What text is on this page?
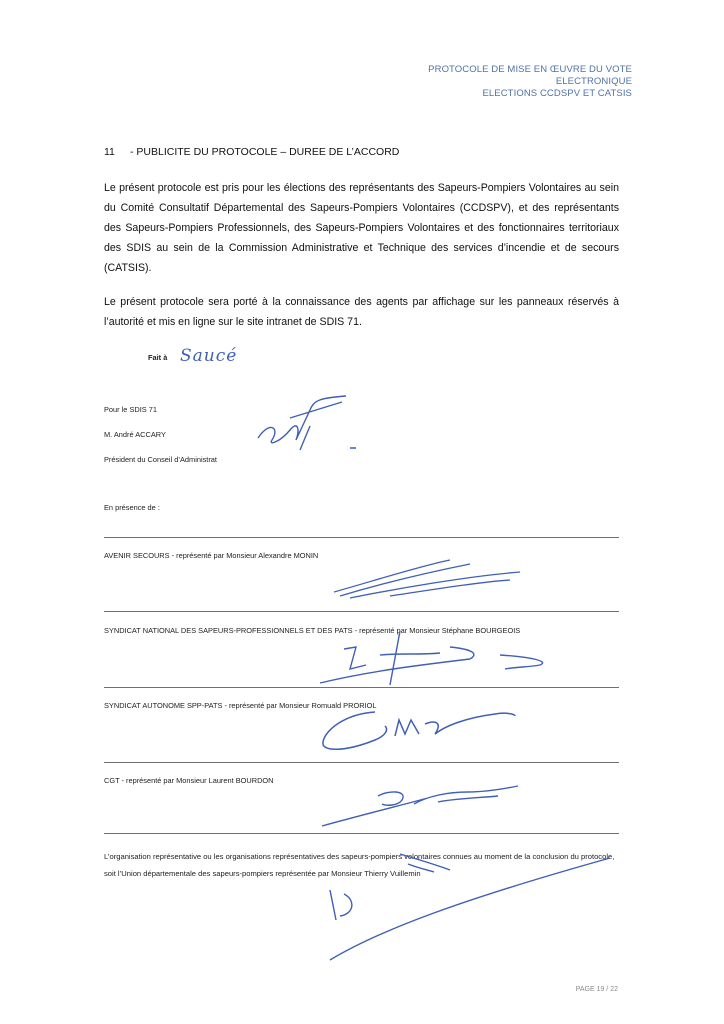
PROTOCOLE DE MISE EN ŒUVRE DU VOTE
ELECTRONIQUE
ELECTIONS CCDSPV ET CATSIS
11 - PUBLICITE DU PROTOCOLE – DUREE DE L’ACCORD
Le présent protocole est pris pour les élections des représentants des Sapeurs-Pompiers Volontaires au sein du Comité Consultatif Départemental des Sapeurs-Pompiers Volontaires (CCDSPV), et des représentants des Sapeurs-Pompiers Professionnels, des Sapeurs-Pompiers Volontaires et des fonctionnaires territoriaux des SDIS au sein de la Commission Administrative et Technique des services d’incendie et de secours (CATSIS).
Le présent protocole sera porté à la connaissance des agents par affichage sur les panneaux réservés à l’autorité et mis en ligne sur le site intranet de SDIS 71.
Fait à Saucé
Pour le SDIS 71
M. André ACCARY
Président du Conseil d’Administrat
En présence de :
AVENIR SECOURS - représenté par Monsieur Alexandre MONIN
SYNDICAT NATIONAL DES SAPEURS-PROFESSIONNELS ET DES PATS - représenté par Monsieur Stéphane BOURGEOIS
SYNDICAT AUTONOME SPP-PATS - représenté par Monsieur Romuald PRORIOL
CGT - représenté par Monsieur Laurent BOURDON
L’organisation représentative ou les organisations représentatives des sapeurs-pompiers volontaires connues au moment de la conclusion du protocole, soit l’Union départementale des sapeurs-pompiers représentée par Monsieur Thierry Vuillemin
PAGE 19 / 22
